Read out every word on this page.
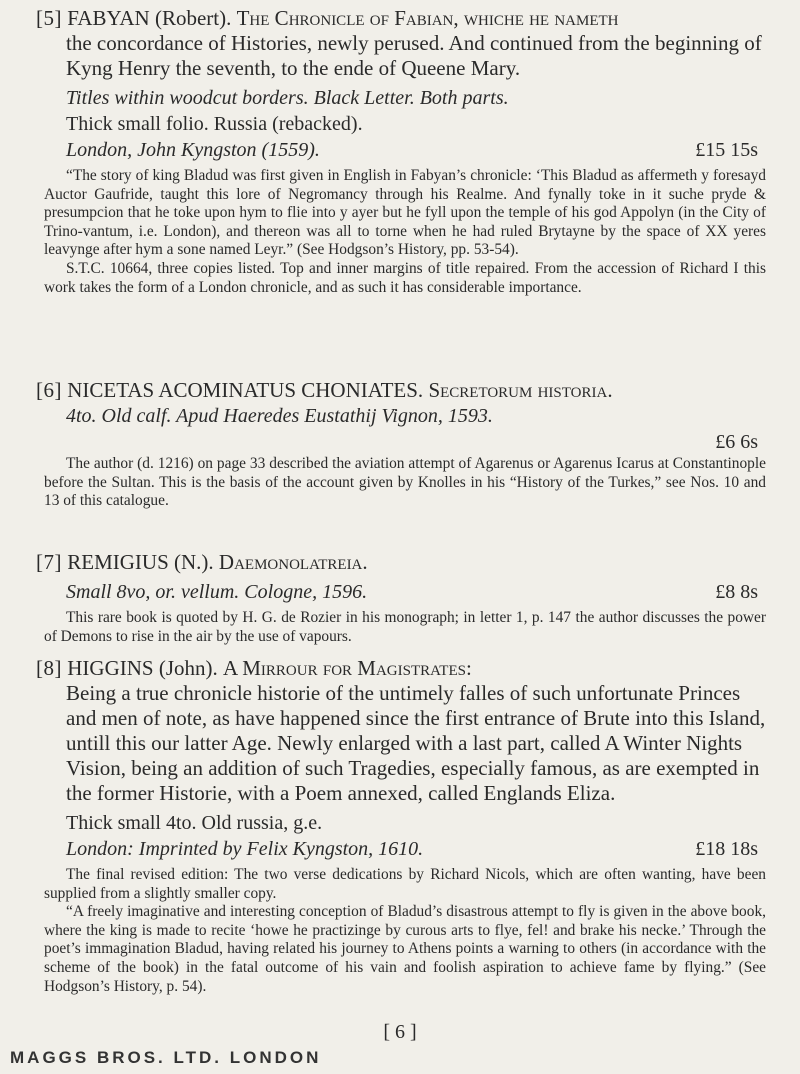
[5] FABYAN (Robert). The Chronicle of Fabian, whiche he nameth
the concordance of Histories, newly perused. And continued from the beginning of Kyng Henry the seventh, to the ende of Queene Mary.

Titles within woodcut borders. Black Letter. Both parts.

Thick small folio. Russia (rebacked).

London, John Kyngston (1559).	£15 15s

“The story of king Bladud was first given in English in Fabyan’s chronicle: ‘This Bladud as affermeth y foresayd Auctor Gaufride, taught this lore of Negromancy through his Realme. And fynally toke in it suche pryde & presumpcion that he toke upon hym to flie into y ayer but he fyll upon the temple of his god Appolyn (in the City of Trino-vantum, i.e. London), and thereon was all to torne when he had ruled Brytayne by the space of XX yeres leavynge after hym a sone named Leyr.” (See Hodgson’s History, pp. 53-54).

S.T.C. 10664, three copies listed. Top and inner margins of title repaired. From the accession of Richard I this work takes the form of a London chronicle, and as such it has considerable importance.

[6] NICETAS ACOMINATUS CHONIATES. Secretorum historia.

4to. Old calf. Apud Haeredes Eustathij Vignon, 1593.

£6 6s

The author (d. 1216) on page 33 described the aviation attempt of Agarenus or Agarenus Icarus at Constantinople before the Sultan. This is the basis of the account given by Knolles in his “History of the Turkes,” see Nos. 10 and 13 of this catalogue.

[7] REMIGIUS (N.). Daemonolatreia.

Small 8vo, or. vellum. Cologne, 1596.	£8 8s

This rare book is quoted by H. G. de Rozier in his monograph; in letter 1, p. 147 the author discusses the power of Demons to rise in the air by the use of vapours.

[8] HIGGINS (John). A Mirrour for Magistrates:
Being a true chronicle historie of the untimely falles of such unfortunate Princes and men of note, as have happened since the first entrance of Brute into this Island, untill this our latter Age. Newly enlarged with a last part, called A Winter Nights Vision, being an addition of such Tragedies, especially famous, as are exempted in the former Historie, with a Poem annexed, called Englands Eliza.

Thick small 4to. Old russia, g.e.

London: Imprinted by Felix Kyngston, 1610.	£18 18s

The final revised edition: The two verse dedications by Richard Nicols, which are often wanting, have been supplied from a slightly smaller copy.

“A freely imaginative and interesting conception of Bladud’s disastrous attempt to fly is given in the above book, where the king is made to recite ‘howe he practizinge by curous arts to flye, fel! and brake his necke.’ Through the poet’s immagination Bladud, having related his journey to Athens points a warning to others (in accordance with the scheme of the book) in the fatal outcome of his vain and foolish aspiration to achieve fame by flying.” (See Hodgson’s History, p. 54).

[ 6 ]
MAGGS BROS. LTD. LONDON
